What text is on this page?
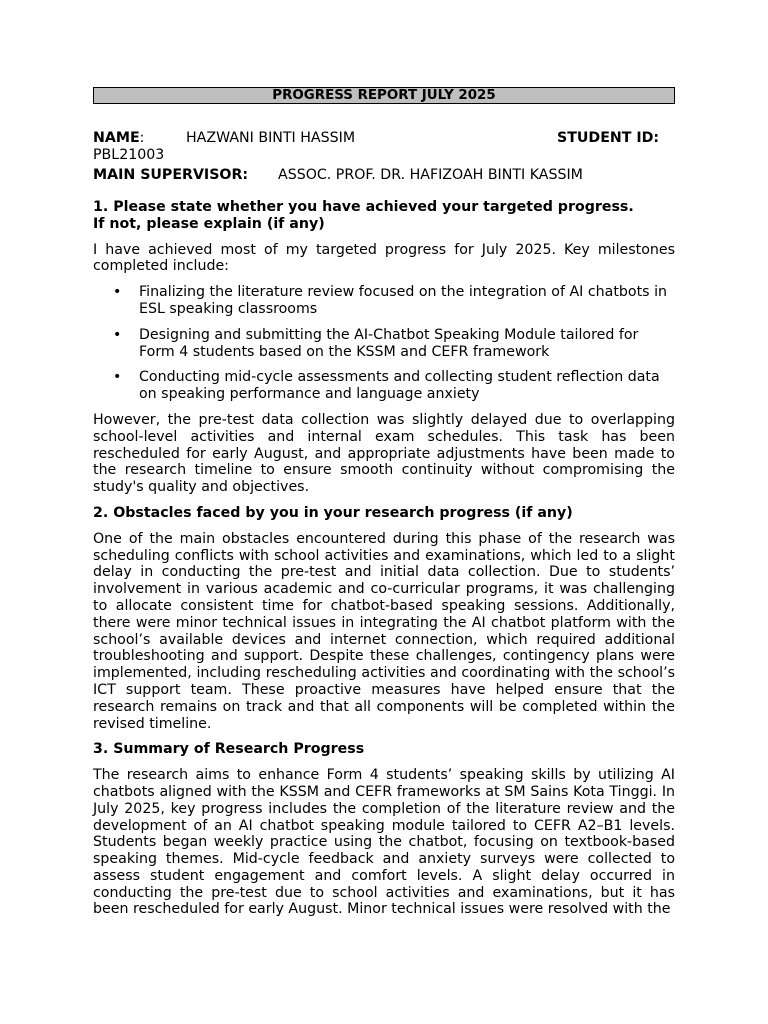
PROGRESS REPORT JULY 2025
NAME:	HAZWANI BINTI HASSIM	STUDENT ID:
PBL21003
MAIN SUPERVISOR: ASSOC. PROF. DR. HAFIZOAH BINTI KASSIM
1. Please state whether you have achieved your targeted progress.
If not, please explain (if any)

I have achieved most of my targeted progress for July 2025. Key milestones completed include:

• Finalizing the literature review focused on the integration of AI chatbots in ESL speaking classrooms
• Designing and submitting the AI-Chatbot Speaking Module tailored for Form 4 students based on the KSSM and CEFR framework
• Conducting mid-cycle assessments and collecting student reflection data on speaking performance and language anxiety

However, the pre-test data collection was slightly delayed due to overlapping school-level activities and internal exam schedules. This task has been rescheduled for early August, and appropriate adjustments have been made to the research timeline to ensure smooth continuity without compromising the study's quality and objectives.

2. Obstacles faced by you in your research progress (if any)

One of the main obstacles encountered during this phase of the research was scheduling conflicts with school activities and examinations, which led to a slight delay in conducting the pre-test and initial data collection. Due to students’ involvement in various academic and co-curricular programs, it was challenging to allocate consistent time for chatbot-based speaking sessions. Additionally, there were minor technical issues in integrating the AI chatbot platform with the school’s available devices and internet connection, which required additional troubleshooting and support. Despite these challenges, contingency plans were implemented, including rescheduling activities and coordinating with the school’s ICT support team. These proactive measures have helped ensure that the research remains on track and that all components will be completed within the revised timeline.

3. Summary of Research Progress

The research aims to enhance Form 4 students’ speaking skills by utilizing AI chatbots aligned with the KSSM and CEFR frameworks at SM Sains Kota Tinggi. In July 2025, key progress includes the completion of the literature review and the development of an AI chatbot speaking module tailored to CEFR A2–B1 levels. Students began weekly practice using the chatbot, focusing on textbook-based speaking themes. Mid-cycle feedback and anxiety surveys were collected to assess student engagement and comfort levels. A slight delay occurred in conducting the pre-test due to school activities and examinations, but it has been rescheduled for early August. Minor technical issues were resolved with the
